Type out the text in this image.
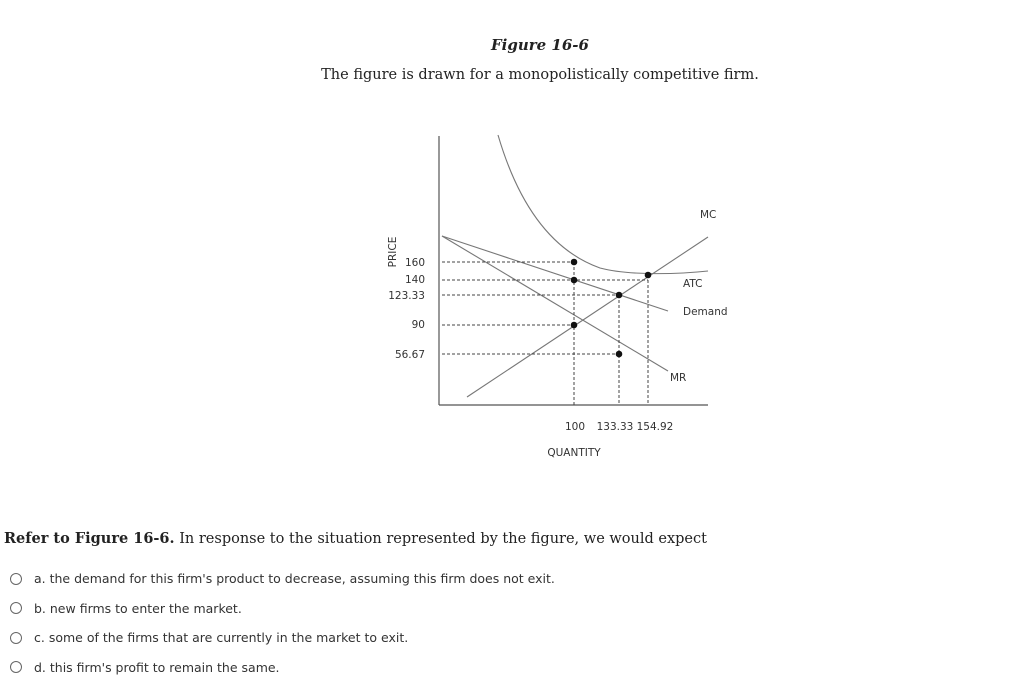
Figure 16-6
The figure is drawn for a monopolistically competitive firm.
160
140
123.33
90
56.67
100 133.33 154.92
PRICE
QUANTITY
MC
ATC
Demand
MR
Refer to Figure 16-6. In response to the situation represented by the figure, we would expect
a. the demand for this firm's product to decrease, assuming this firm does not exit.
b. new firms to enter the market.
c. some of the firms that are currently in the market to exit.
d. this firm's profit to remain the same.
